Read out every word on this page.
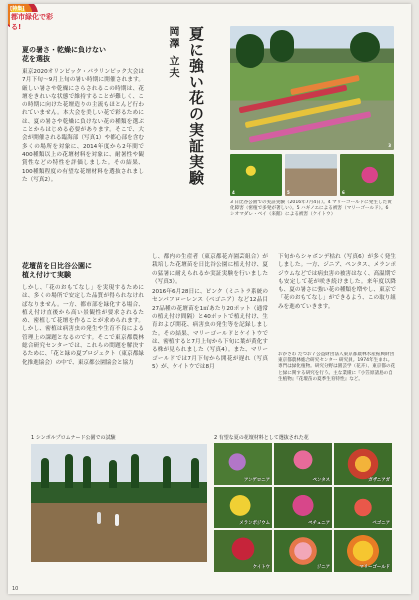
[特集]
都市緑化で彩る!
夏の暑さ・乾燥に負けない
花を選抜
東京2020オリンピック・パラリンピック大会は7月下旬〜9月上旬の暑い時期に開催されます。厳しい暑さや乾燥にさらされるこの時期は、花壇をきれいな状態で維持することが難しく、この時期に向けた花壇造りの主流もほとんど行われていません。本大会を美しい花で彩るためには、夏の暑さや乾燥に負けない花の種類を選ぶことからはじめる必要があります。そこで、大会が開催される臨海部（写真1）や都心部を含む多くの場所を対象に、2014年度から2年間で400種類以上の花壇材料を対象に、耐暑性や観賞性などの特性を評価しました。その結果、100種類程度の有望な花壇材料を選抜されました（写真2）。	夏に強い花の実証実験
岡澤 立夫
花壇苗を日比谷公園に
植え付けて実験
しかし、「花のおもてなし」を実現するためには、多くの場所で安定した品質が得られなければなりません。一方、都市部を緑化する場合、植え付け直後から高い景観性が要求されるため、密植して花壇を作ることが求められます。しかし、密植は病害虫の発生や生育不良による管理上の課題となるのです。そこで東京都農林総合研究センターでは、これらの問題を解決するために、「花と緑の夏プロジェクト（東京都緑化推進協会）の中で、東京都公園協会と協力

し、都内の生産者（東京都花卉園芸組合）が栽培した花壇苗を日比谷公園に植え付け、夏の猛暑に耐えられるか実証実験を行いました（写真3）。

2016年6月28日に、ピンク（ミニトラ系統のセンパフローレンス（ベゴニア）など12品目27品種の花壇苗を1㎡あたり20ポット（通常の植え付け間隔）と40ポットで植え付け、生育および開花、病害虫の発生等を記録しました。その結果、マリーゴールドとケイトウでは、密植すると7月上旬から下旬に葉が黄化する株が見られました（写真4）。また、マリーゴールドでは7月下旬から開花が遅れ（写真5）が、ケイトウでは8月

下旬からシャボンデ枯れ（写真6）が多く発生しました。一方、ジニア、ペンタス、メランポジウムなどでは病虫害の被害はなく、高温期でも安定して花が咲き続けました。来年度以降も、夏の暑さに強い花の種類を増やし、東京で「花のおもてなし」ができるよう、この取り組みを進めていきます。
おかざわ たつお / 公益財団法人東京都農林水産振興財団 東京都農林総合研究センター 研究員。1974年生まれ。専門は緑化植物。研究分野は園芸学（花卉）、東京都の花と緑に関する研究を行う。主な業績に『小笠原諸島の自生植物』『花壇苗の夏季生育特性』など。
3
4	5	6
3 日比谷公園での実証実験（2016年7月4日）。4 マリーゴールドに発生した黄化障害（密植で多発が著しい）。5 ハギノエによる被害（マリーゴールド）。6 シオマダレ・ベイ（来館）による被害（ケイトウ）
1 シンボルプロムナード公園での試験	2 有望な夏の花壇材料として選抜された花
アンゲロニア	ペンタス	ガザニアガ
メランポジウム	ペチュニア	ベゴニア
ケイトウ	ジニア	マリーゴールド
10
